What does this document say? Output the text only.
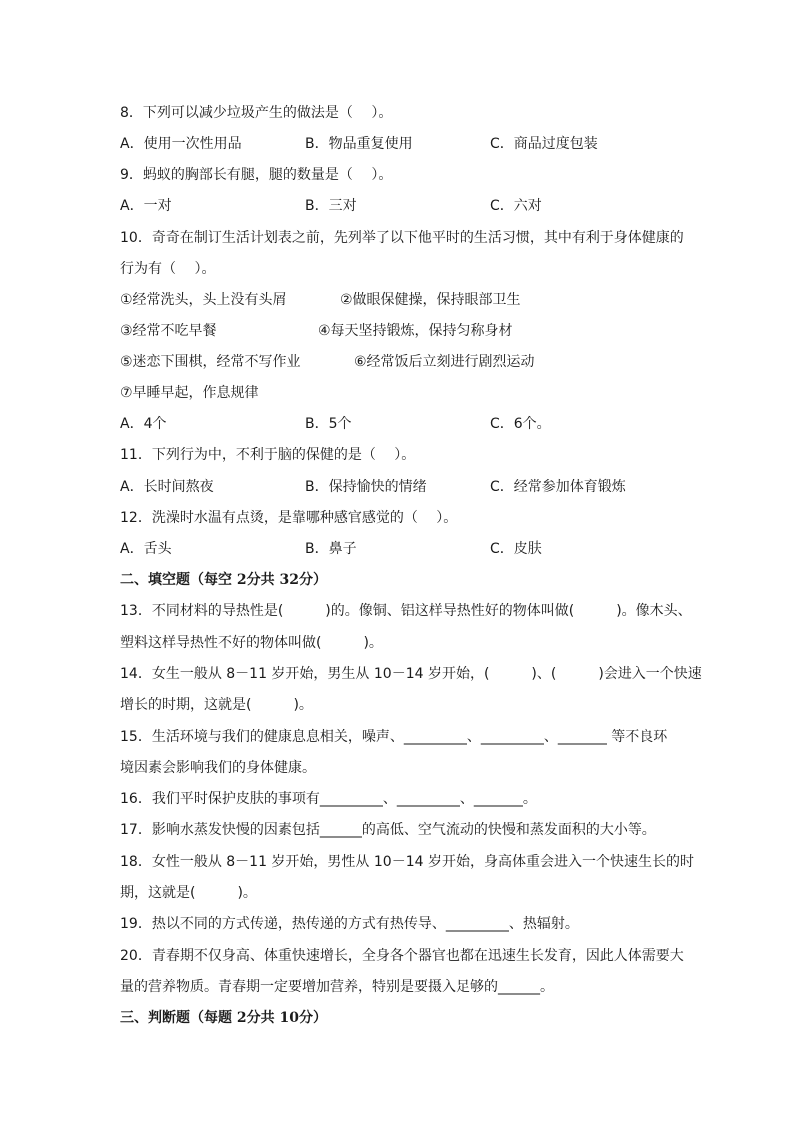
8．下列可以减少垃圾产生的做法是（　 ）。
A．使用一次性用品	B．物品重复使用	C．商品过度包装
9．蚂蚁的胸部长有腿，腿的数量是（　 ）。
A．一对	B．三对	C．六对
10．奇奇在制订生活计划表之前，先列举了以下他平时的生活习惯，其中有利于身体健康的
行为有（　 ）。
①经常洗头，头上没有头屑	②做眼保健操，保持眼部卫生
③经常不吃早餐	④每天坚持锻炼，保持匀称身材
⑤迷恋下围棋，经常不写作业	⑥经常饭后立刻进行剧烈运动
⑦早睡早起，作息规律
A．4个	B．5个	C．6个。
11．下列行为中，不利于脑的保健的是（　 ）。
A．长时间熬夜	B．保持愉快的情绪	C．经常参加体育锻炼
12．洗澡时水温有点烫，是靠哪种感官感觉的（　 ）。
A．舌头	B．鼻子	C．皮肤
二、填空题（每空 2分共 32分）
13．不同材料的导热性是(　　　)的。像铜、铝这样导热性好的物体叫做(　　　)。像木头、
塑料这样导热性不好的物体叫做(　　　)。
14．女生一般从 8－11 岁开始，男生从 10－14 岁开始，(　　　)、(　　　)会进入一个快速
增长的时期，这就是(　　　)。
15．生活环境与我们的健康息息相关，噪声、_________、_________、_______ 等不良环
境因素会影响我们的身体健康。
16．我们平时保护皮肤的事项有_________、_________、_______。
17．影响水蒸发快慢的因素包括______的高低、空气流动的快慢和蒸发面积的大小等。
18．女性一般从 8－11 岁开始，男性从 10－14 岁开始，身高体重会进入一个快速生长的时
期，这就是(　　　)。
19．热以不同的方式传递，热传递的方式有热传导、_________、热辐射。
20．青春期不仅身高、体重快速增长，全身各个器官也都在迅速生长发育，因此人体需要大
量的营养物质。青春期一定要增加营养，特别是要摄入足够的______。
三、判断题（每题 2分共 10分）
